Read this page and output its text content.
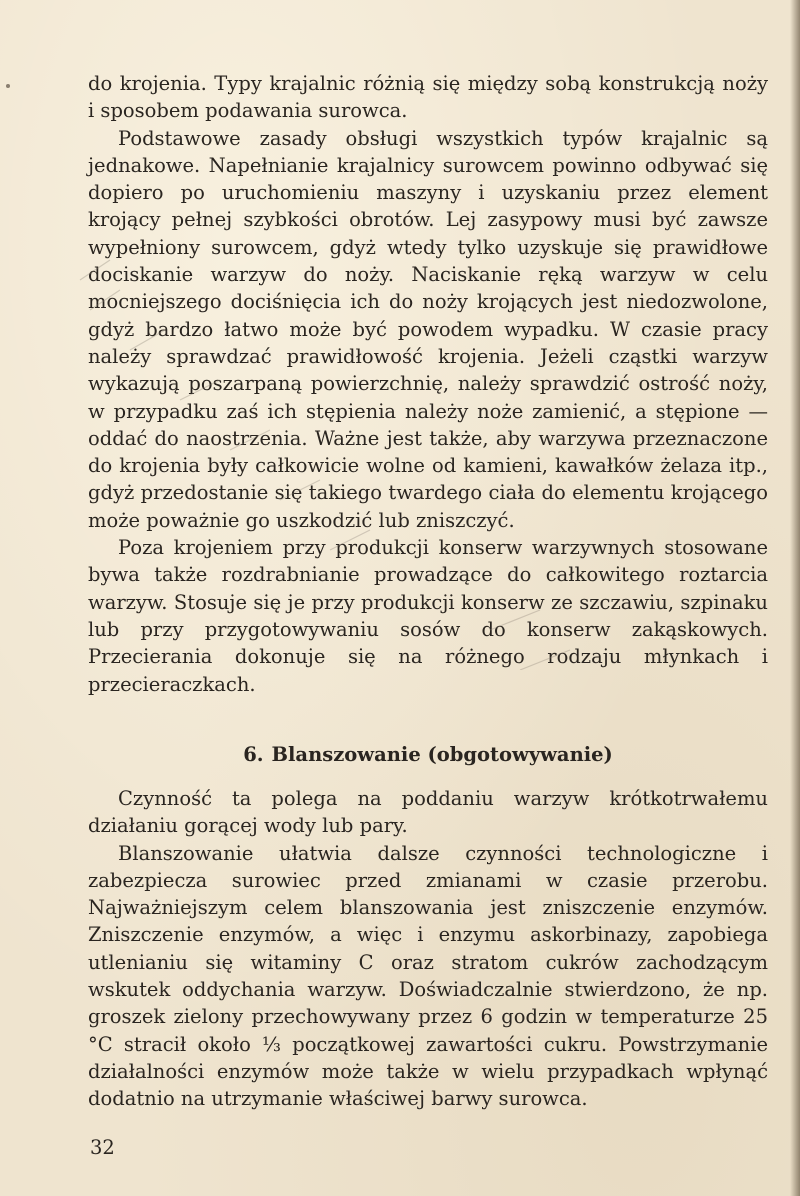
do krojenia. Typy krajalnic różnią się między sobą konstrukcją noży i sposobem podawania surowca.

Podstawowe zasady obsługi wszystkich typów krajalnic są jednakowe. Napełnianie krajalnicy surowcem powinno odbywać się dopiero po uruchomieniu maszyny i uzyskaniu przez element krojący pełnej szybkości obrotów. Lej zasypowy musi być zawsze wypełniony surowcem, gdyż wtedy tylko uzyskuje się prawidłowe dociskanie warzyw do noży. Naciskanie ręką warzyw w celu mocniejszego dociśnięcia ich do noży krojących jest niedozwolone, gdyż bardzo łatwo może być powodem wypadku. W czasie pracy należy sprawdzać prawidłowość krojenia. Jeżeli cząstki warzyw wykazują poszarpaną powierzchnię, należy sprawdzić ostrość noży, w przypadku zaś ich stępienia należy noże zamienić, a stępione — oddać do naostrzenia. Ważne jest także, aby warzywa przeznaczone do krojenia były całkowicie wolne od kamieni, kawałków żelaza itp., gdyż przedostanie się takiego twardego ciała do elementu krojącego może poważnie go uszkodzić lub zniszczyć.

Poza krojeniem przy produkcji konserw warzywnych stosowane bywa także rozdrabnianie prowadzące do całkowitego roztarcia warzyw. Stosuje się je przy produkcji konserw ze szczawiu, szpinaku lub przy przygotowywaniu sosów do konserw zakąskowych. Przecierania dokonuje się na różnego rodzaju młynkach i przecieraczkach.

6. Blanszowanie (obgotowywanie)

Czynność ta polega na poddaniu warzyw krótkotrwałemu działaniu gorącej wody lub pary.

Blanszowanie ułatwia dalsze czynności technologiczne i zabezpiecza surowiec przed zmianami w czasie przerobu. Najważniejszym celem blanszowania jest zniszczenie enzymów. Zniszczenie enzymów, a więc i enzymu askorbinazy, zapobiega utlenianiu się witaminy C oraz stratom cukrów zachodzącym wskutek oddychania warzyw. Doświadczalnie stwierdzono, że np. groszek zielony przechowywany przez 6 godzin w temperaturze 25 °C stracił około ⅓ początkowej zawartości cukru. Powstrzymanie działalności enzymów może także w wielu przypadkach wpłynąć dodatnio na utrzymanie właściwej barwy surowca.

32
